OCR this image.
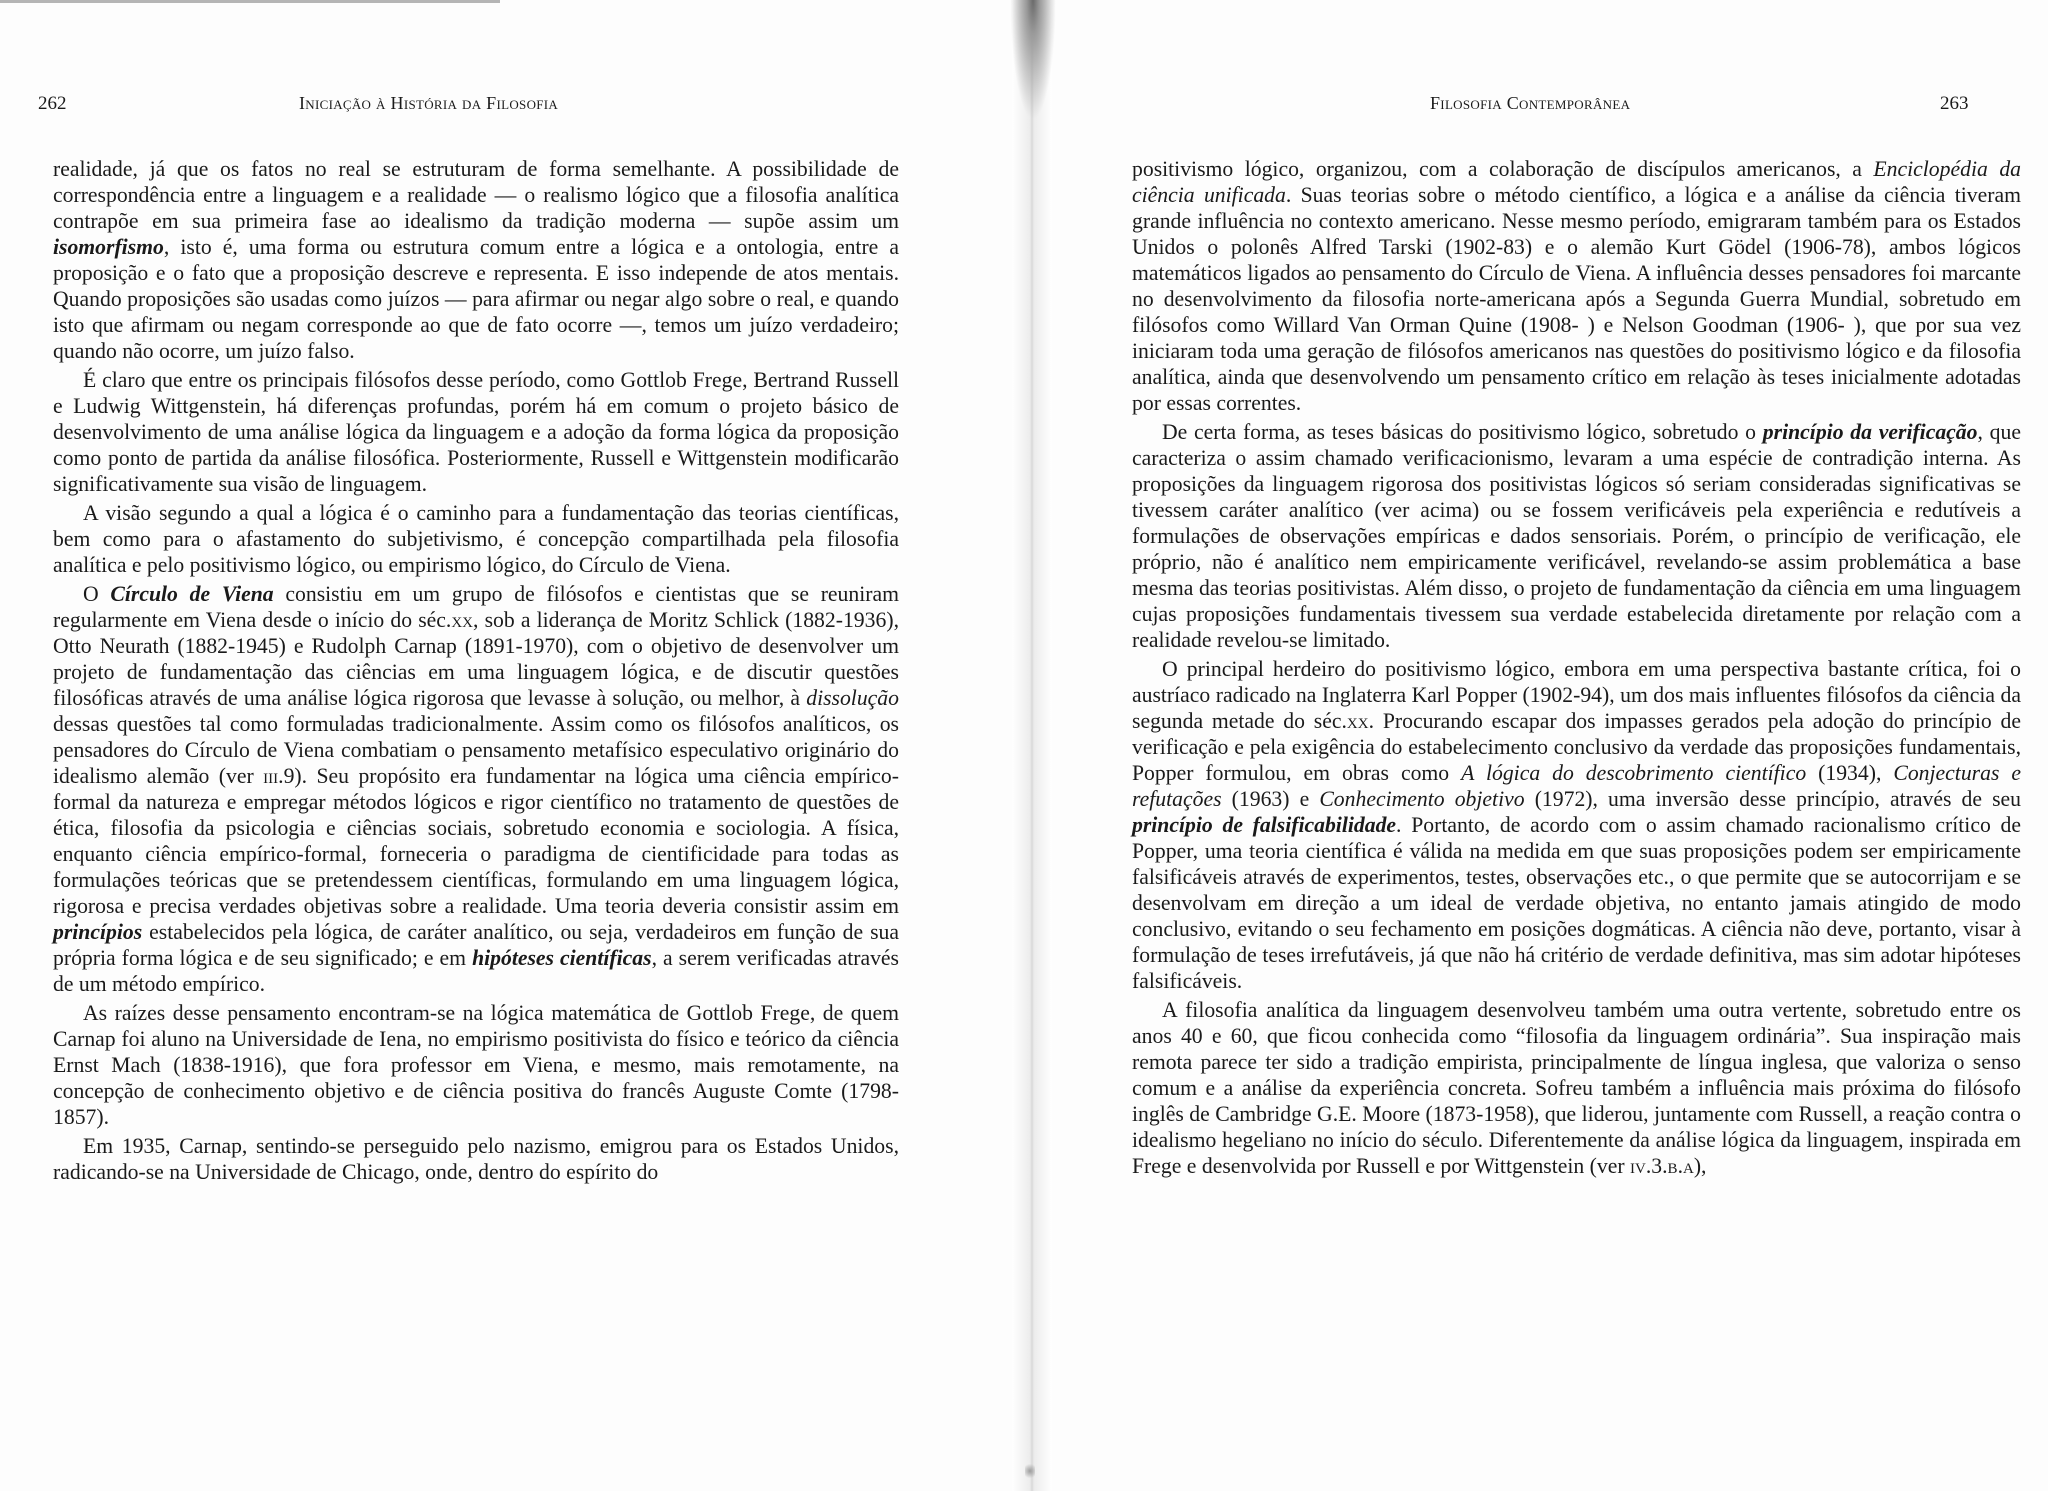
262	Iniciação à História da Filosofia

realidade, já que os fatos no real se estruturam de forma semelhante. A possibilidade de correspondência entre a linguagem e a realidade — o realismo lógico que a filosofia analítica contrapõe em sua primeira fase ao idealismo da tradição moderna — supõe assim um isomorfismo, isto é, uma forma ou estrutura comum entre a lógica e a ontologia, entre a proposição e o fato que a proposição descreve e representa. E isso independe de atos mentais. Quando proposições são usadas como juízos — para afirmar ou negar algo sobre o real, e quando isto que afirmam ou negam corresponde ao que de fato ocorre —, temos um juízo verdadeiro; quando não ocorre, um juízo falso.

É claro que entre os principais filósofos desse período, como Gottlob Frege, Bertrand Russell e Ludwig Wittgenstein, há diferenças profundas, porém há em comum o projeto básico de desenvolvimento de uma análise lógica da linguagem e a adoção da forma lógica da proposição como ponto de partida da análise filosófica. Posteriormente, Russell e Wittgenstein modificarão significativamente sua visão de linguagem.

A visão segundo a qual a lógica é o caminho para a fundamentação das teorias científicas, bem como para o afastamento do subjetivismo, é concepção compartilhada pela filosofia analítica e pelo positivismo lógico, ou empirismo lógico, do Círculo de Viena.

O Círculo de Viena consistiu em um grupo de filósofos e cientistas que se reuniram regularmente em Viena desde o início do séc.xx, sob a liderança de Moritz Schlick (1882-1936), Otto Neurath (1882-1945) e Rudolph Carnap (1891-1970), com o objetivo de desenvolver um projeto de fundamentação das ciências em uma linguagem lógica, e de discutir questões filosóficas através de uma análise lógica rigorosa que levasse à solução, ou melhor, à dissolução dessas questões tal como formuladas tradicionalmente. Assim como os filósofos analíticos, os pensadores do Círculo de Viena combatiam o pensamento metafísico especulativo originário do idealismo alemão (ver iii.9). Seu propósito era fundamentar na lógica uma ciência empírico-formal da natureza e empregar métodos lógicos e rigor científico no tratamento de questões de ética, filosofia da psicologia e ciências sociais, sobretudo economia e sociologia. A física, enquanto ciência empírico-formal, forneceria o paradigma de cientificidade para todas as formulações teóricas que se pretendessem científicas, formulando em uma linguagem lógica, rigorosa e precisa verdades objetivas sobre a realidade. Uma teoria deveria consistir assim em princípios estabelecidos pela lógica, de caráter analítico, ou seja, verdadeiros em função de sua própria forma lógica e de seu significado; e em hipóteses científicas, a serem verificadas através de um método empírico.

As raízes desse pensamento encontram-se na lógica matemática de Gottlob Frege, de quem Carnap foi aluno na Universidade de Iena, no empirismo positivista do físico e teórico da ciência Ernst Mach (1838-1916), que fora professor em Viena, e mesmo, mais remotamente, na concepção de conhecimento objetivo e de ciência positiva do francês Auguste Comte (1798-1857).

Em 1935, Carnap, sentindo-se perseguido pelo nazismo, emigrou para os Estados Unidos, radicando-se na Universidade de Chicago, onde, dentro do espírito do

Filosofia Contemporânea	263

positivismo lógico, organizou, com a colaboração de discípulos americanos, a Enciclopédia da ciência unificada. Suas teorias sobre o método científico, a lógica e a análise da ciência tiveram grande influência no contexto americano. Nesse mesmo período, emigraram também para os Estados Unidos o polonês Alfred Tarski (1902-83) e o alemão Kurt Gödel (1906-78), ambos lógicos matemáticos ligados ao pensamento do Círculo de Viena. A influência desses pensadores foi marcante no desenvolvimento da filosofia norte-americana após a Segunda Guerra Mundial, sobretudo em filósofos como Willard Van Orman Quine (1908- ) e Nelson Goodman (1906- ), que por sua vez iniciaram toda uma geração de filósofos americanos nas questões do positivismo lógico e da filosofia analítica, ainda que desenvolvendo um pensamento crítico em relação às teses inicialmente adotadas por essas correntes.

De certa forma, as teses básicas do positivismo lógico, sobretudo o princípio da verificação, que caracteriza o assim chamado verificacionismo, levaram a uma espécie de contradição interna. As proposições da linguagem rigorosa dos positivistas lógicos só seriam consideradas significativas se tivessem caráter analítico (ver acima) ou se fossem verificáveis pela experiência e redutíveis a formulações de observações empíricas e dados sensoriais. Porém, o princípio de verificação, ele próprio, não é analítico nem empiricamente verificável, revelando-se assim problemática a base mesma das teorias positivistas. Além disso, o projeto de fundamentação da ciência em uma linguagem cujas proposições fundamentais tivessem sua verdade estabelecida diretamente por relação com a realidade revelou-se limitado.

O principal herdeiro do positivismo lógico, embora em uma perspectiva bastante crítica, foi o austríaco radicado na Inglaterra Karl Popper (1902-94), um dos mais influentes filósofos da ciência da segunda metade do séc.xx. Procurando escapar dos impasses gerados pela adoção do princípio de verificação e pela exigência do estabelecimento conclusivo da verdade das proposições fundamentais, Popper formulou, em obras como A lógica do descobrimento científico (1934), Conjecturas e refutações (1963) e Conhecimento objetivo (1972), uma inversão desse princípio, através de seu princípio de falsificabilidade. Portanto, de acordo com o assim chamado racionalismo crítico de Popper, uma teoria científica é válida na medida em que suas proposições podem ser empiricamente falsificáveis através de experimentos, testes, observações etc., o que permite que se autocorrijam e se desenvolvam em direção a um ideal de verdade objetiva, no entanto jamais atingido de modo conclusivo, evitando o seu fechamento em posições dogmáticas. A ciência não deve, portanto, visar à formulação de teses irrefutáveis, já que não há critério de verdade definitiva, mas sim adotar hipóteses falsificáveis.

A filosofia analítica da linguagem desenvolveu também uma outra vertente, sobretudo entre os anos 40 e 60, que ficou conhecida como “filosofia da linguagem ordinária”. Sua inspiração mais remota parece ter sido a tradição empirista, principalmente de língua inglesa, que valoriza o senso comum e a análise da experiência concreta. Sofreu também a influência mais próxima do filósofo inglês de Cambridge G.E. Moore (1873-1958), que liderou, juntamente com Russell, a reação contra o idealismo hegeliano no início do século. Diferentemente da análise lógica da linguagem, inspirada em Frege e desenvolvida por Russell e por Wittgenstein (ver iv.3.b.a),
